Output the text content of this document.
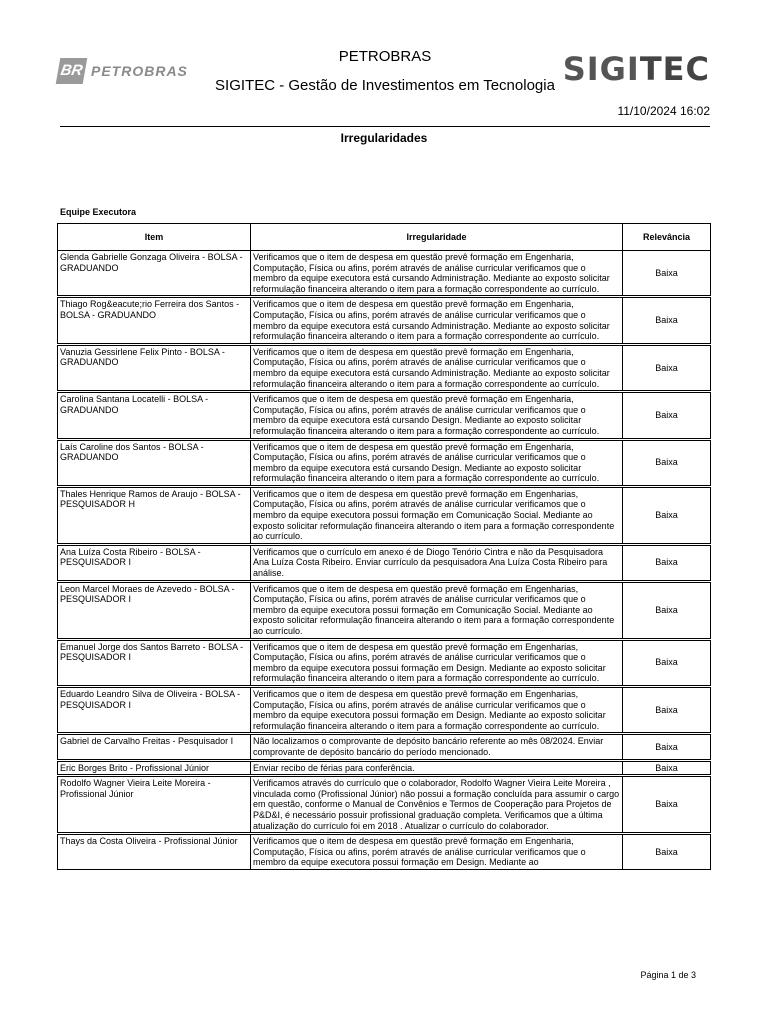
BR PETROBRAS
PETROBRAS
SIGITEC - Gestão de Investimentos em Tecnologia SIGITEC
11/10/2024 16:02
Irregularidades
Equipe Executora
Item	Irregularidade	Relevância
Glenda Gabrielle Gonzaga Oliveira - BOLSA - GRADUANDO	Verificamos que o item de despesa em questão prevê formação em Engenharia, Computação, Física ou afins, porém através de análise curricular verificamos que o membro da equipe executora está cursando Administração. Mediante ao exposto solicitar reformulação financeira alterando o item para a formação correspondente ao currículo.	Baixa
Thiago Rog&eacute;rio Ferreira dos Santos - BOLSA - GRADUANDO	Verificamos que o item de despesa em questão prevê formação em Engenharia, Computação, Física ou afins, porém através de análise curricular verificamos que o membro da equipe executora está cursando Administração. Mediante ao exposto solicitar reformulação financeira alterando o item para a formação correspondente ao currículo.	Baixa
Vanuzia Gessirlene Felix Pinto - BOLSA - GRADUANDO	Verificamos que o item de despesa em questão prevê formação em Engenharia, Computação, Física ou afins, porém através de análise curricular verificamos que o membro da equipe executora está cursando Administração. Mediante ao exposto solicitar reformulação financeira alterando o item para a formação correspondente ao currículo.	Baixa
Carolina Santana Locatelli - BOLSA - GRADUANDO	Verificamos que o item de despesa em questão prevê formação em Engenharia, Computação, Física ou afins, porém através de análise curricular verificamos que o membro da equipe executora está cursando Design. Mediante ao exposto solicitar reformulação financeira alterando o item para a formação correspondente ao currículo.	Baixa
Laís Caroline dos Santos - BOLSA - GRADUANDO	Verificamos que o item de despesa em questão prevê formação em Engenharia, Computação, Física ou afins, porém através de análise curricular verificamos que o membro da equipe executora está cursando Design. Mediante ao exposto solicitar reformulação financeira alterando o item para a formação correspondente ao currículo.	Baixa
Thales Henrique Ramos de Araujo - BOLSA - PESQUISADOR H	Verificamos que o item de despesa em questão prevê formação em Engenharias, Computação, Física ou afins, porém através de análise curricular verificamos que o membro da equipe executora possui formação em Comunicação Social. Mediante ao exposto solicitar reformulação financeira alterando o item para a formação correspondente ao currículo.	Baixa
Ana Luíza Costa Ribeiro - BOLSA - PESQUISADOR I	Verificamos que o currículo em anexo é de Diogo Tenório Cintra e não da Pesquisadora Ana Luíza Costa Ribeiro. Enviar currículo da pesquisadora Ana Luíza Costa Ribeiro para análise.	Baixa
Leon Marcel Moraes de Azevedo - BOLSA - PESQUISADOR I	Verificamos que o item de despesa em questão prevê formação em Engenharias, Computação, Física ou afins, porém através de análise curricular verificamos que o membro da equipe executora possui formação em Comunicação Social. Mediante ao exposto solicitar reformulação financeira alterando o item para a formação correspondente ao currículo.	Baixa
Emanuel Jorge dos Santos Barreto - BOLSA - PESQUISADOR I	Verificamos que o item de despesa em questão prevê formação em Engenharias, Computação, Física ou afins, porém através de análise curricular verificamos que o membro da equipe executora possui formação em Design. Mediante ao exposto solicitar reformulação financeira alterando o item para a formação correspondente ao currículo.	Baixa
Eduardo Leandro Silva de Oliveira - BOLSA - PESQUISADOR I	Verificamos que o item de despesa em questão prevê formação em Engenharias, Computação, Física ou afins, porém através de análise curricular verificamos que o membro da equipe executora possui formação em Design. Mediante ao exposto solicitar reformulação financeira alterando o item para a formação correspondente ao currículo.	Baixa
Gabriel de Carvalho Freitas - Pesquisador I	Não localizamos o comprovante de depósito bancário referente ao mês 08/2024. Enviar comprovante de depósito bancário do período mencionado.	Baixa
Eric Borges Brito - Profissional Júnior	Enviar recibo de férias para conferência.	Baixa
Rodolfo Wagner Vieira Leite Moreira - Profissional Júnior	Verificamos através do currículo que o colaborador, Rodolfo Wagner Vieira Leite Moreira , vinculada como (Profissional Júnior) não possui a formação concluída para assumir o cargo em questão, conforme o Manual de Convênios e Termos de Cooperação para Projetos de P&D&I, é necessário possuir profissional graduação completa. Verificamos que a última atualização do currículo foi em 2018 . Atualizar o currículo do colaborador.	Baixa
Thays da Costa Oliveira - Profissional Júnior	Verificamos que o item de despesa em questão prevê formação em Engenharia, Computação, Física ou afins, porém através de análise curricular verificamos que o membro da equipe executora possui formação em Design. Mediante ao	Baixa
Página 1 de 3
